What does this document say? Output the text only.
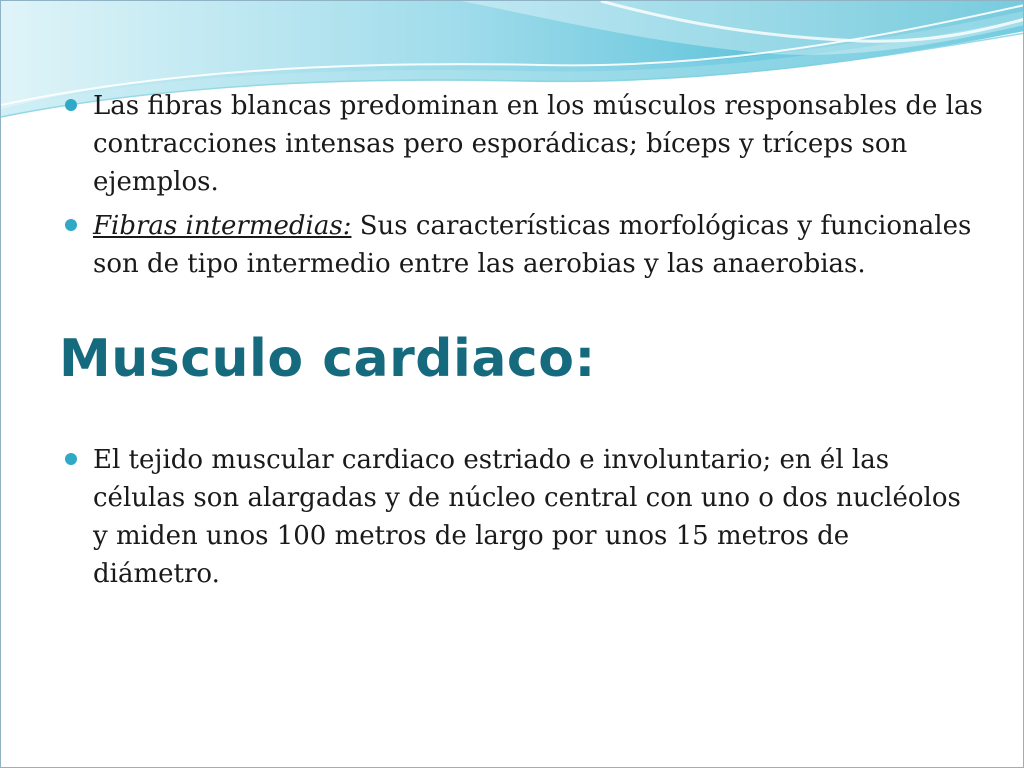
Las fibras blancas predominan en los músculos responsables de las contracciones intensas pero esporádicas; bíceps y tríceps son ejemplos.
Fibras intermedias: Sus características morfológicas y funcionales son de tipo intermedio entre las aerobias y las anaerobias.
Musculo cardiaco:
El tejido muscular cardiaco estriado e involuntario; en él las células son alargadas y de núcleo central con uno o dos nucléolos y miden unos 100 metros de largo por unos 15 metros de diámetro.
